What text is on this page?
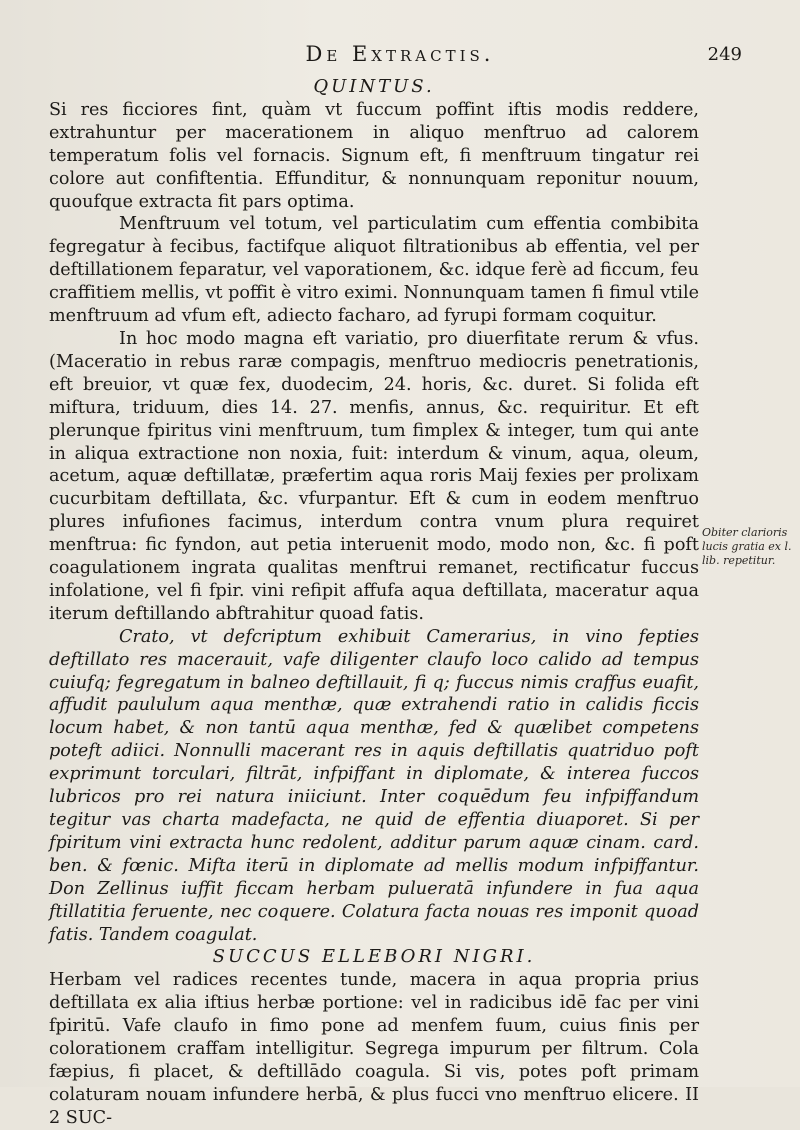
De Extractis.	249
QUINTUS.

Si res ficciores fint, quàm vt fuccum poffint iftis modis reddere, extrahuntur per macerationem in aliquo menftruo ad calorem temperatum folis vel fornacis. Signum eft, fi menftruum tingatur rei colore aut confiftentia. Effunditur, & nonnunquam reponitur nouum, quoufque extracta fit pars optima.

Menftruum vel totum, vel particulatim cum effentia combibita fegregatur à fecibus, factifque aliquot filtrationibus ab effentia, vel per deftillationem feparatur, vel vaporationem, &c. idque ferè ad ficcum, feu craffitiem mellis, vt poffit è vitro eximi. Nonnunquam tamen fi fimul vtile menftruum ad vfum eft, adiecto facharo, ad fyrupi formam coquitur.

In hoc modo magna eft variatio, pro diuerfitate rerum & vfus. (Maceratio in rebus raræ compagis, menftruo mediocris penetrationis, eft breuior, vt quæ fex, duodecim, 24. horis, &c. duret. Si folida eft miftura, triduum, dies 14. 27. menfis, annus, &c. requiritur. Et eft plerunque fpiritus vini menftruum, tum fimplex & integer, tum qui ante in aliqua extractione non noxia, fuit: interdum & vinum, aqua, oleum, acetum, aquæ deftillatæ, præfertim aqua roris Maij fexies per prolixam cucurbitam deftillata, &c. vfurpantur. Eft & cum in eodem menftruo plures infufiones facimus, interdum contra vnum plura requiret menftrua: fic fyndon, aut petia interuenit modo, modo non, &c. fi poft coagulationem ingrata qualitas menftrui remanet, rectificatur fuccus infolatione, vel fi fpir. vini refipit affufa aqua deftillata, maceratur aqua iterum deftillando abftrahitur quoad fatis.

Crato, vt defcriptum exhibuit Camerarius, in vino fepties deftillato res macerauit, vafe diligenter claufo loco calido ad tempus cuiufq; fegregatum in balneo deftillauit, fi q; fuccus nimis craffus euafit, affudit paululum aqua menthæ, quæ extrahendi ratio in calidis ficcis locum habet, & non tantū aqua menthæ, fed & quælibet competens poteft adiici. Nonnulli macerant res in aquis deftillatis quatriduo poft exprimunt torculari, filtrāt, infpiffant in diplomate, & interea fuccos lubricos pro rei natura iniiciunt. Inter coquēdum feu infpiffandum tegitur vas charta madefacta, ne quid de effentia diuaporet. Si per fpiritum vini extracta hunc redolent, additur parum aquæ cinam. card. ben. & fœnic. Mifta iterū in diplomate ad mellis modum infpiffantur. Don Zellinus iuffit ficcam herbam pulueratā infundere in fua aqua ftillatitia feruente, nec coquere. Colatura facta nouas res imponit quoad fatis. Tandem coagulat.

SUCCUS ELLEBORI NIGRI.

Herbam vel radices recentes tunde, macera in aqua propria prius deftillata ex alia iftius herbæ portione: vel in radicibus idē fac per vini fpiritū. Vafe claufo in fimo pone ad menfem fuum, cuius finis per colorationem craffam intelligitur. Segrega impurum per filtrum. Cola fæpius, fi placet, & deftillādo coagula. Si vis, potes poft primam colaturam nouam infundere herbā, & plus fucci vno menftruo elicere. II 2 SUC-

Obiter clarioris lucis gratia ex l. lib. repetitur.
